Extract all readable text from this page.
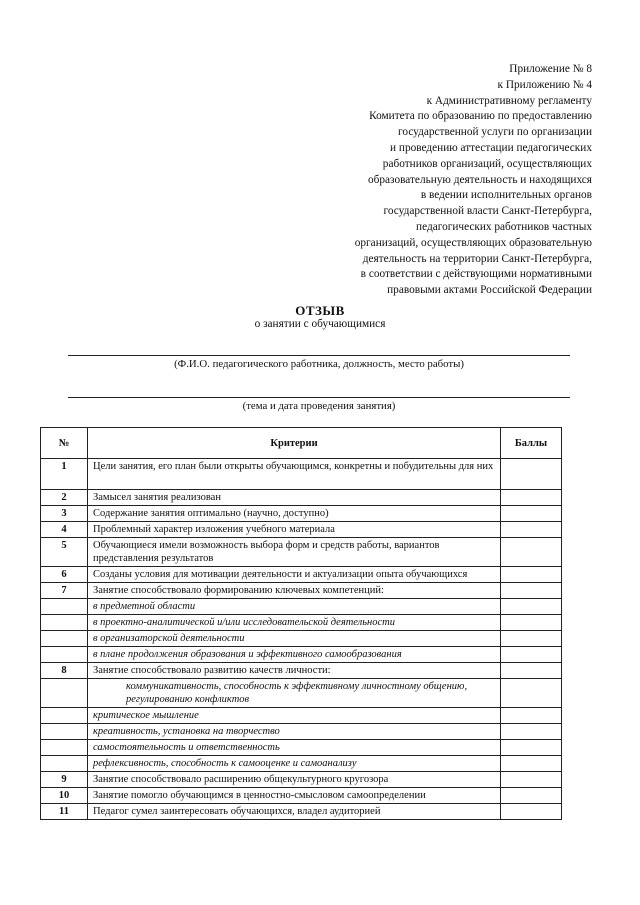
Приложение № 8
к Приложению № 4
к Административному регламенту
Комитета по образованию по предоставлению
государственной услуги по организации
и проведению аттестации педагогических
работников организаций, осуществляющих
образовательную деятельность и находящихся
в ведении исполнительных органов
государственной власти Санкт-Петербурга,
педагогических работников частных
организаций, осуществляющих образовательную
деятельность на территории Санкт-Петербурга,
в соответствии с действующими нормативными
правовыми актами Российской Федерации
ОТЗЫВ
о занятии с обучающимися
(Ф.И.О. педагогического работника, должность, место работы)
(тема и дата проведения занятия)
№	Критерии	Баллы
1	Цели занятия, его план были открыты обучающимся, конкретны и побудительны для них	
2	Замысел занятия реализован	
3	Содержание занятия оптимально (научно, доступно)	
4	Проблемный характер изложения учебного материала	
5	Обучающиеся имели возможность выбора форм и средств работы, вариантов представления результатов	
6	Созданы условия для мотивации деятельности и актуализации опыта обучающихся	
7	Занятие способствовало формированию ключевых компетенций:	
	в предметной области	
	в проектно-аналитической и/или исследовательской деятельности	
	в организаторской деятельности	
	в плане продолжения образования и эффективного самообразования	
8	Занятие способствовало развитию качеств личности:	
	коммуникативность, способность к эффективному личностному общению, регулированию конфликтов	
	критическое мышление	
	креативность, установка на творчество	
	самостоятельность и ответственность	
	рефлексивность, способность к самооценке и самоанализу	
9	Занятие способствовало расширению общекультурного кругозора	
10	Занятие помогло обучающимся в ценностно-смысловом самоопределении	
11	Педагог сумел заинтересовать обучающихся, владел аудиторией	
